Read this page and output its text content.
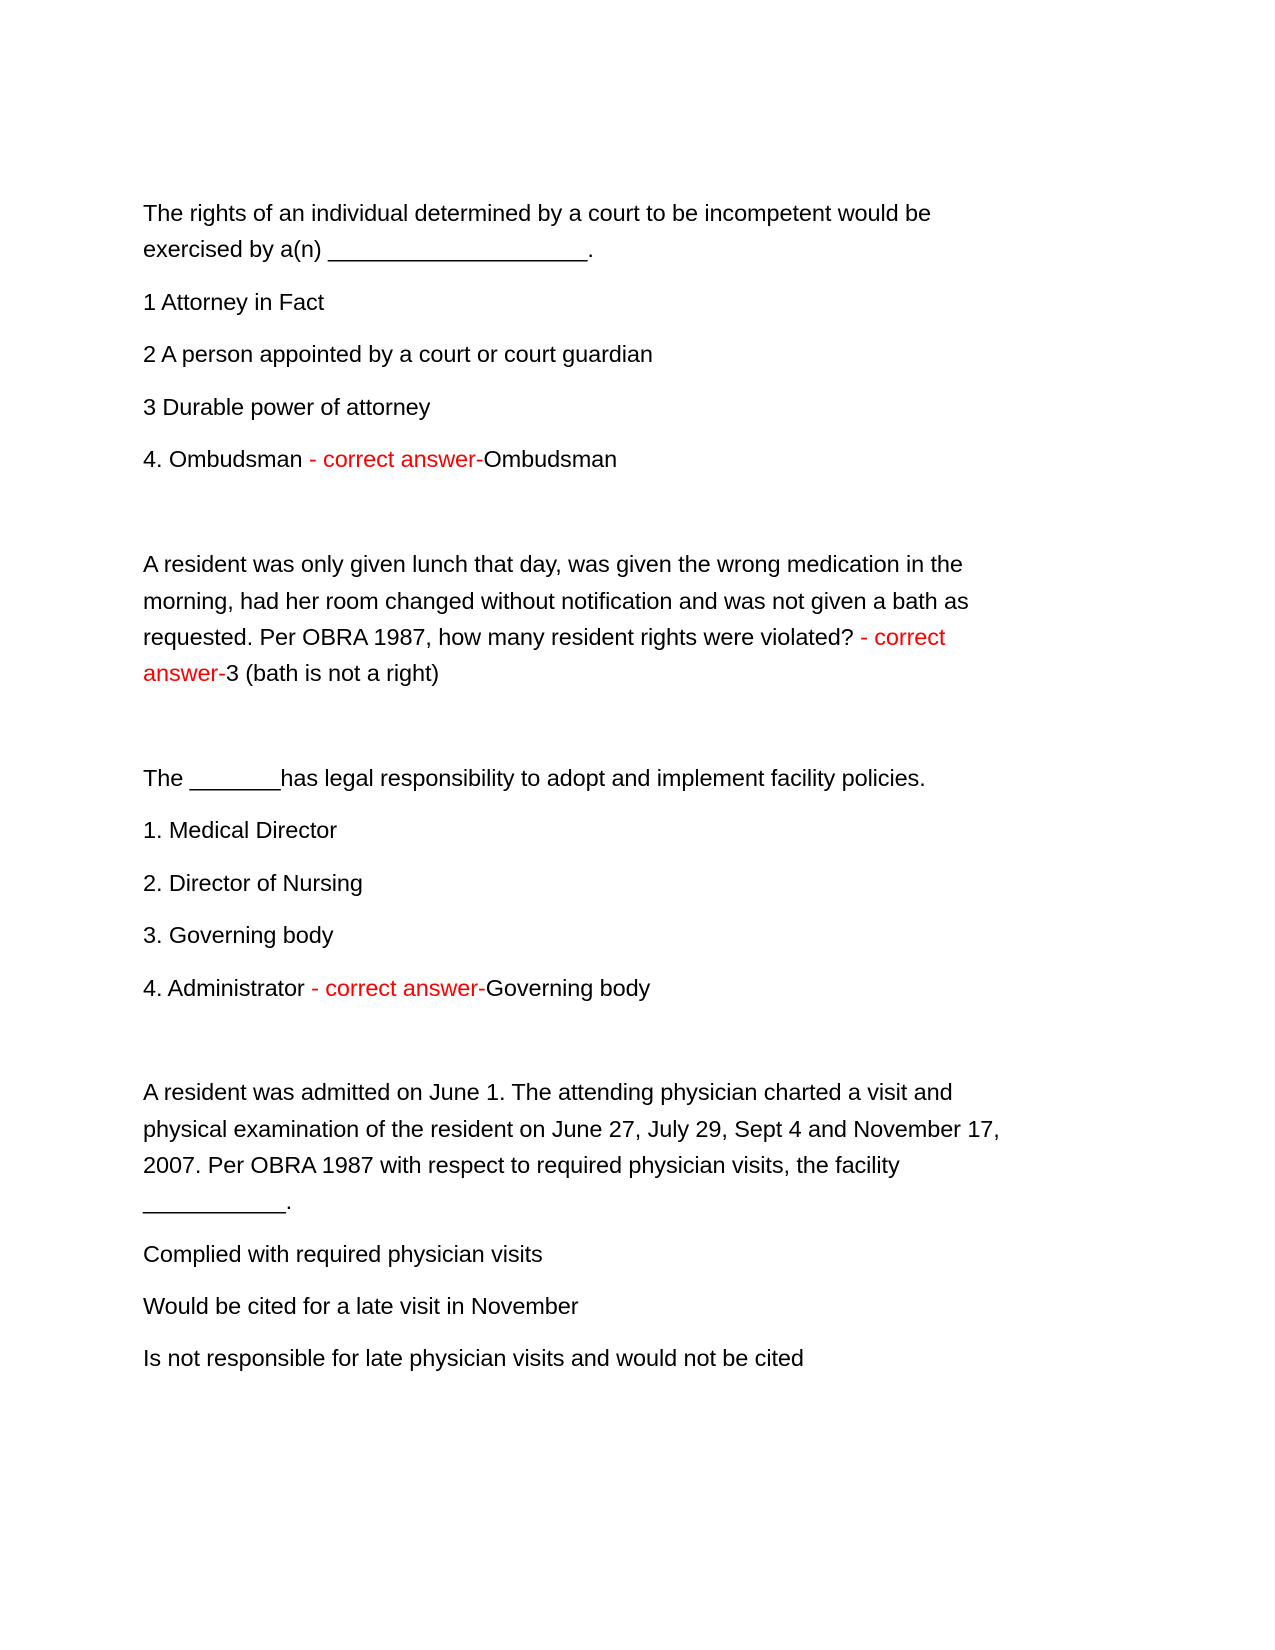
The rights of an individual determined by a court to be incompetent would be
exercised by a(n) ____________________.
1 Attorney in Fact
2 A person appointed by a court or court guardian
3 Durable power of attorney
4. Ombudsman - correct answer-Ombudsman
A resident was only given lunch that day, was given the wrong medication in the
morning, had her room changed without notification and was not given a bath as
requested. Per OBRA 1987, how many resident rights were violated? - correct
answer-3 (bath is not a right)
The _______has legal responsibility to adopt and implement facility policies.
1. Medical Director
2. Director of Nursing
3. Governing body
4. Administrator - correct answer-Governing body
A resident was admitted on June 1. The attending physician charted a visit and
physical examination of the resident on June 27, July 29, Sept 4 and November 17,
2007. Per OBRA 1987 with respect to required physician visits, the facility
___________.
Complied with required physician visits
Would be cited for a late visit in November
Is not responsible for late physician visits and would not be cited
